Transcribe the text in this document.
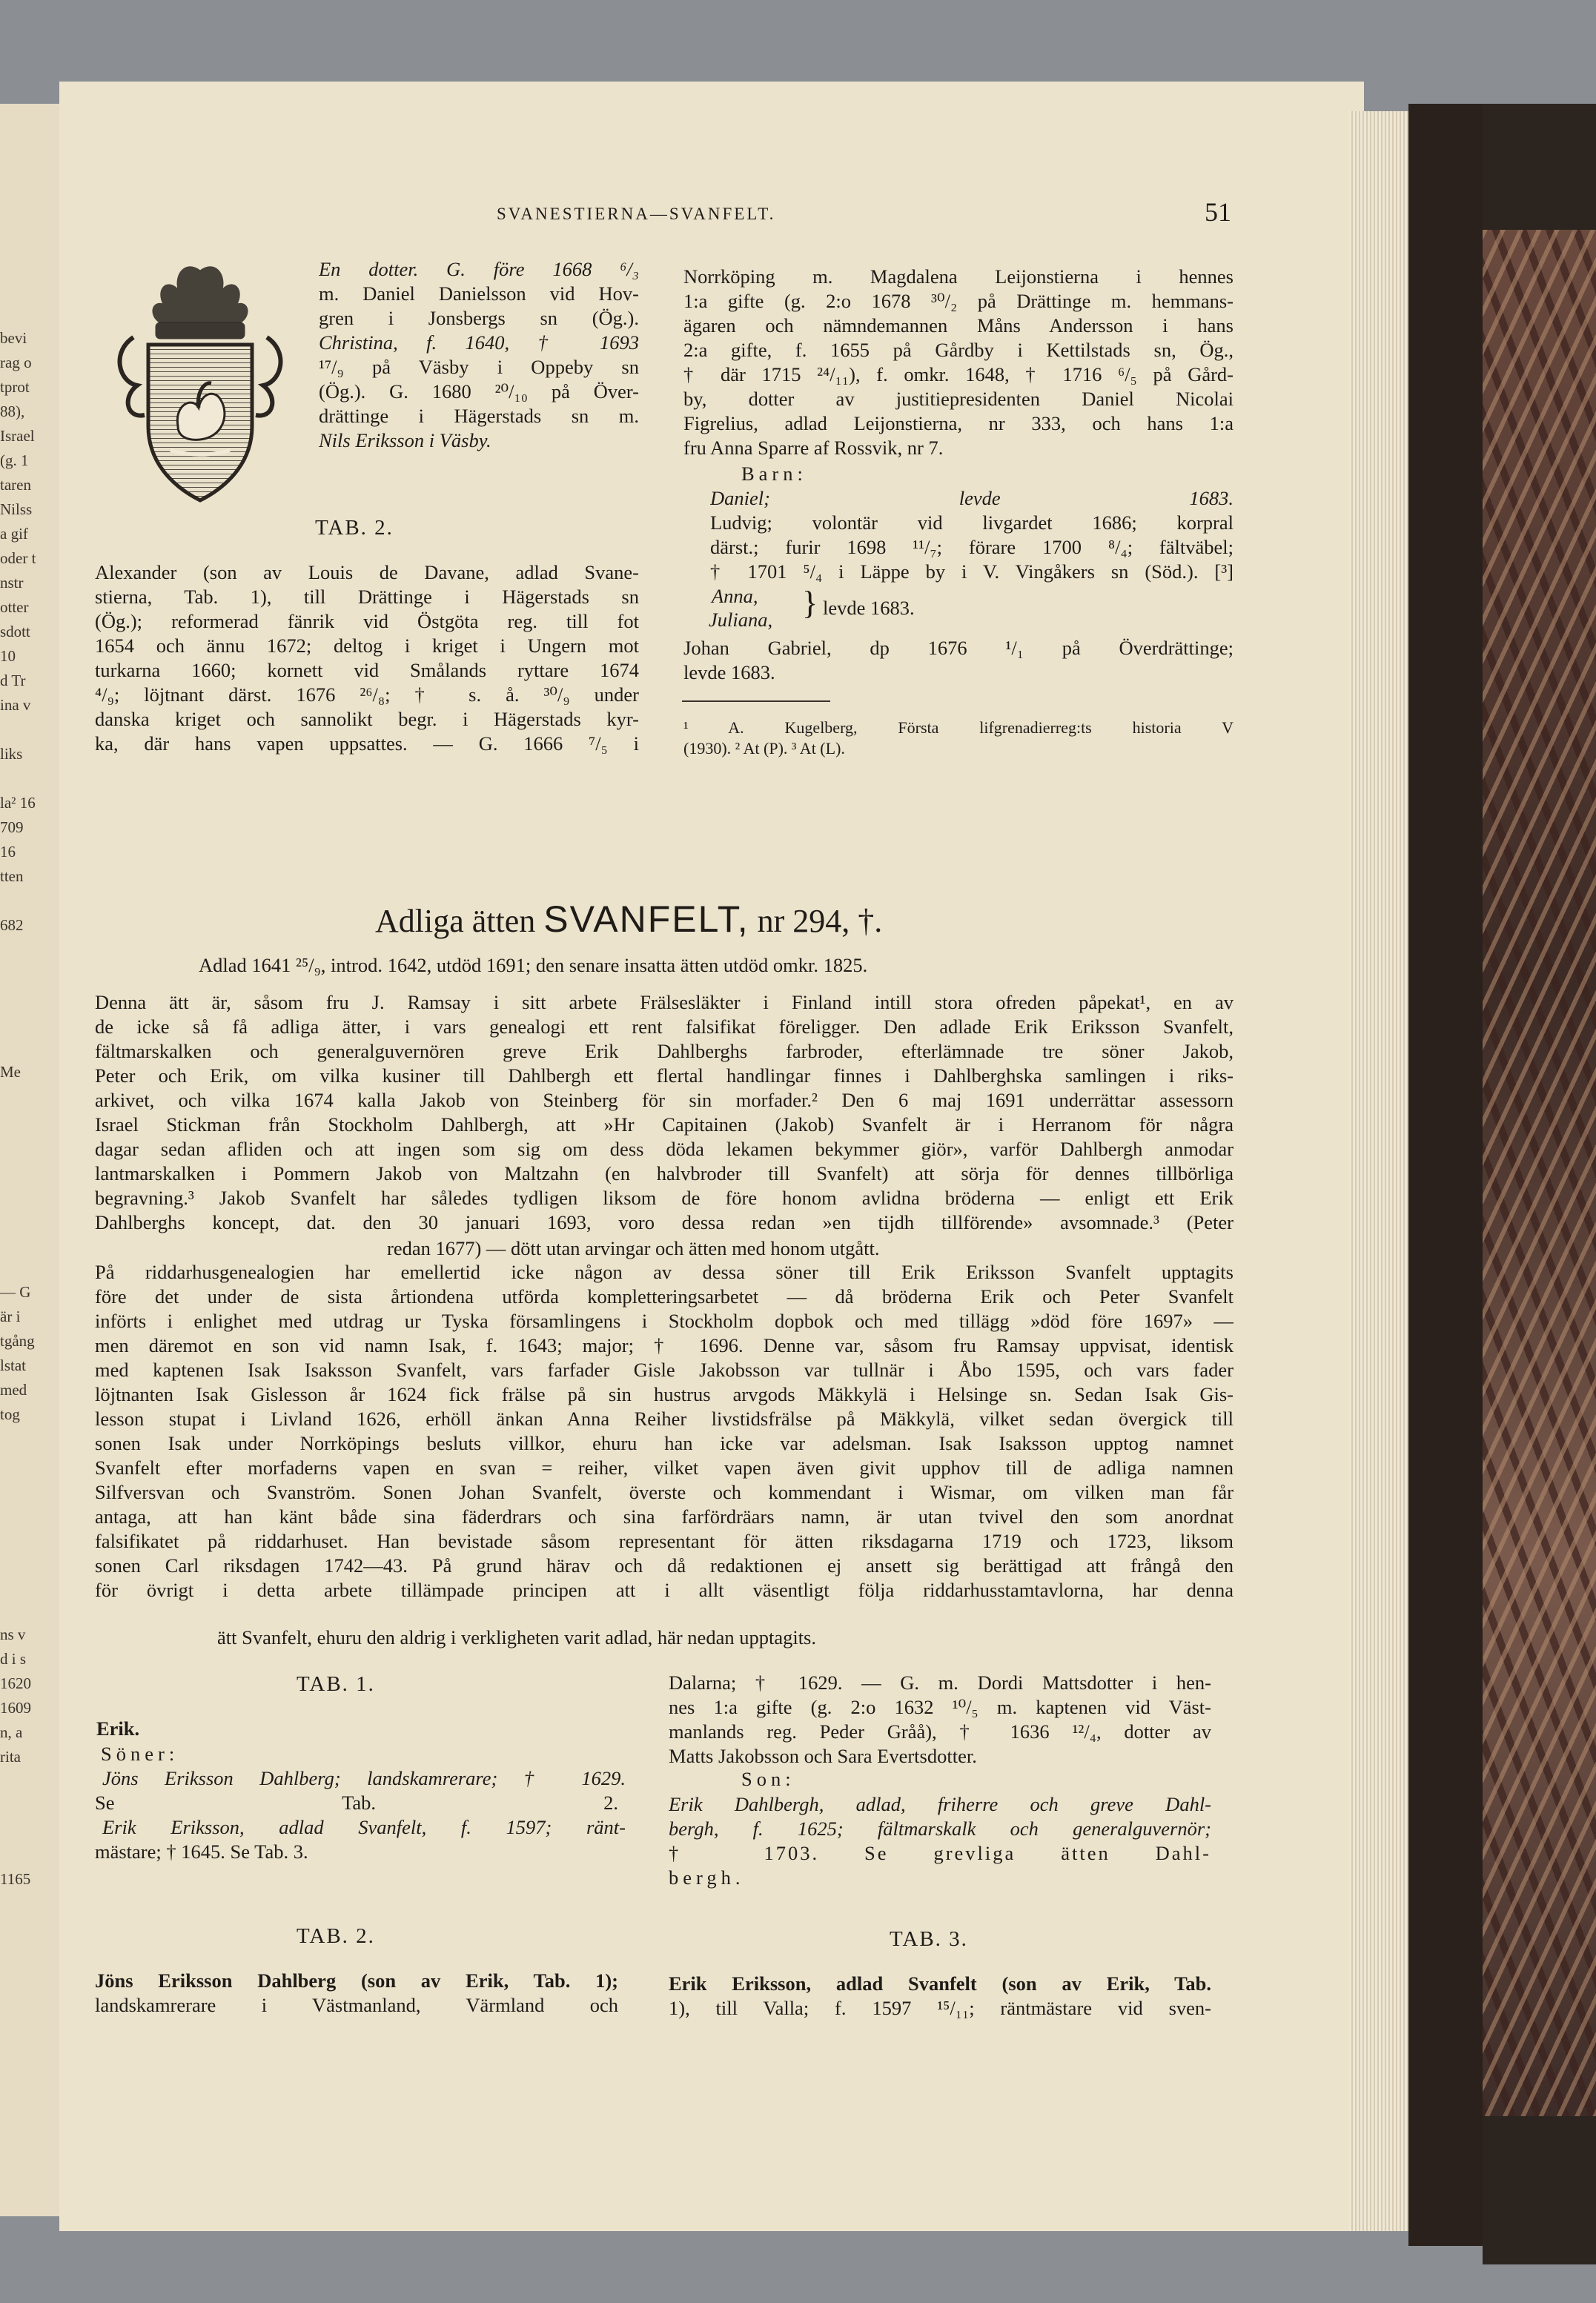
bevi
rag o
tprot
88),
Israel
(g. 1
taren
Nilss
a gif
oder t
nstr
otter
sdott
10
d Tr
ina v
liks
la² 16
709
16
tten
682
Me
— G
är i
tgång
lstat
med
tog
ns v
d i s
1620
1609
n, a
rita
1165
SVANESTIERNA—SVANFELT.	51
En dotter. G. före 1668 ⁶/₃
m. Daniel Danielsson vid Hov-
gren i Jonsbergs sn (Ög.).
Christina, f. 1640, † 1693
¹⁷/₉ på Väsby i Oppeby sn
(Ög.). G. 1680 ²⁰/₁₀ på Över-
drättinge i Hägerstads sn m.
Nils Eriksson i Väsby.
TAB. 2.
Alexander (son av Louis de Davane, adlad Svane-
stierna, Tab. 1), till Drättinge i Hägerstads sn
(Ög.); reformerad fänrik vid Östgöta reg. till fot
1654 och ännu 1672; deltog i kriget i Ungern mot
turkarna 1660; kornett vid Smålands ryttare 1674
⁴/₉; löjtnant därst. 1676 ²⁶/₈; † s. å. ³⁰/₉ under
danska kriget och sannolikt begr. i Hägerstads kyr-
ka, där hans vapen uppsattes. — G. 1666 ⁷/₅ i
Norrköping m. Magdalena Leijonstierna i hennes
1:a gifte (g. 2:o 1678 ³⁰/₂ på Drättinge m. hemmans-
ägaren och nämndemannen Måns Andersson i hans
2:a gifte, f. 1655 på Gårdby i Kettilstads sn, Ög.,
† där 1715 ²⁴/₁₁), f. omkr. 1648, † 1716 ⁶/₅ på Gård-
by, dotter av justitiepresidenten Daniel Nicolai
Figrelius, adlad Leijonstierna, nr 333, och hans 1:a
fru Anna Sparre af Rossvik, nr 7.
Barn:
Daniel; levde 1683.
Ludvig; volontär vid livgardet 1686; korpral
därst.; furir 1698 ¹¹/₇; förare 1700 ⁸/₄; fältväbel;
† 1701 ⁵/₄ i Läppe by i V. Vingåkers sn (Söd.). [³]
Anna,
Juliana, } levde 1683.
Johan Gabriel, dp 1676 ¹/₁ på Överdrättinge;
levde 1683.
¹ A. Kugelberg, Första lifgrenadierreg:ts historia V
(1930). ² At (P). ³ At (L).
Adliga ätten SVANFELT, nr 294, †.
Adlad 1641 ²⁵/₉, introd. 1642, utdöd 1691; den senare insatta ätten utdöd omkr. 1825.
Denna ätt är, såsom fru J. Ramsay i sitt arbete Frälsesläkter i Finland intill stora ofreden påpekat¹, en av
de icke så få adliga ätter, i vars genealogi ett rent falsifikat föreligger. Den adlade Erik Eriksson Svanfelt,
fältmarskalken och generalguvernören greve Erik Dahlberghs farbroder, efterlämnade tre söner Jakob,
Peter och Erik, om vilka kusiner till Dahlbergh ett flertal handlingar finnes i Dahlberghska samlingen i riks-
arkivet, och vilka 1674 kalla Jakob von Steinberg för sin morfader.² Den 6 maj 1691 underrättar assessorn
Israel Stickman från Stockholm Dahlbergh, att »Hr Capitainen (Jakob) Svanfelt är i Herranom för några
dagar sedan afliden och att ingen som sig om dess döda lekamen bekymmer giör», varför Dahlbergh anmodar
lantmarskalken i Pommern Jakob von Maltzahn (en halvbroder till Svanfelt) att sörja för dennes tillbörliga
begravning.³ Jakob Svanfelt har således tydligen liksom de före honom avlidna bröderna — enligt ett Erik
Dahlberghs koncept, dat. den 30 januari 1693, voro dessa redan »en tijdh tillförende» avsomnade.³ (Peter
redan 1677) — dött utan arvingar och ätten med honom utgått.
På riddarhusgenealogien har emellertid icke någon av dessa söner till Erik Eriksson Svanfelt upptagits
före det under de sista årtiondena utförda kompletteringsarbetet — då bröderna Erik och Peter Svanfelt
införts i enlighet med utdrag ur Tyska församlingens i Stockholm dopbok och med tillägg »död före 1697» —
men däremot en son vid namn Isak, f. 1643; major; † 1696. Denne var, såsom fru Ramsay uppvisat, identisk
med kaptenen Isak Isaksson Svanfelt, vars farfader Gisle Jakobsson var tullnär i Åbo 1595, och vars fader
löjtnanten Isak Gislesson år 1624 fick frälse på sin hustrus arvgods Mäkkylä i Helsinge sn. Sedan Isak Gis-
lesson stupat i Livland 1626, erhöll änkan Anna Reiher livstidsfrälse på Mäkkylä, vilket sedan övergick till
sonen Isak under Norrköpings besluts villkor, ehuru han icke var adelsman. Isak Isaksson upptog namnet
Svanfelt efter morfaderns vapen en svan = reiher, vilket vapen även givit upphov till de adliga namnen
Silfversvan och Svanström. Sonen Johan Svanfelt, överste och kommendant i Wismar, om vilken man får
antaga, att han känt både sina fäderdrars och sina farfördräars namn, är utan tvivel den som anordnat
falsifikatet på riddarhuset. Han bevistade såsom representant för ätten riksdagarna 1719 och 1723, liksom
sonen Carl riksdagen 1742—43. På grund härav och då redaktionen ej ansett sig berättigad att frångå den
för övrigt i detta arbete tillämpade principen att i allt väsentligt följa riddarhusstamtavlorna, har denna
ätt Svanfelt, ehuru den aldrig i verkligheten varit adlad, här nedan upptagits.
TAB. 1.
Erik.
Söner:
Jöns Eriksson Dahlberg; landskamrerare; † 1629.
Se Tab. 2.
Erik Eriksson, adlad Svanfelt, f. 1597; ränt-
mästare; † 1645. Se Tab. 3.
TAB. 2.
Jöns Eriksson Dahlberg (son av Erik, Tab. 1);
landskamrerare i Västmanland, Värmland och
Dalarna; † 1629. — G. m. Dordi Mattsdotter i hen-
nes 1:a gifte (g. 2:o 1632 ¹⁰/₅ m. kaptenen vid Väst-
manlands reg. Peder Gråå), † 1636 ¹²/₄, dotter av
Matts Jakobsson och Sara Evertsdotter.
Son:
Erik Dahlbergh, adlad, friherre och greve Dahl-
bergh, f. 1625; fältmarskalk och generalguvernör;
† 1703. Se grevliga ätten Dahl-
bergh.
TAB. 3.
Erik Eriksson, adlad Svanfelt (son av Erik, Tab.
1), till Valla; f. 1597 ¹⁵/₁₁; räntmästare vid sven-
